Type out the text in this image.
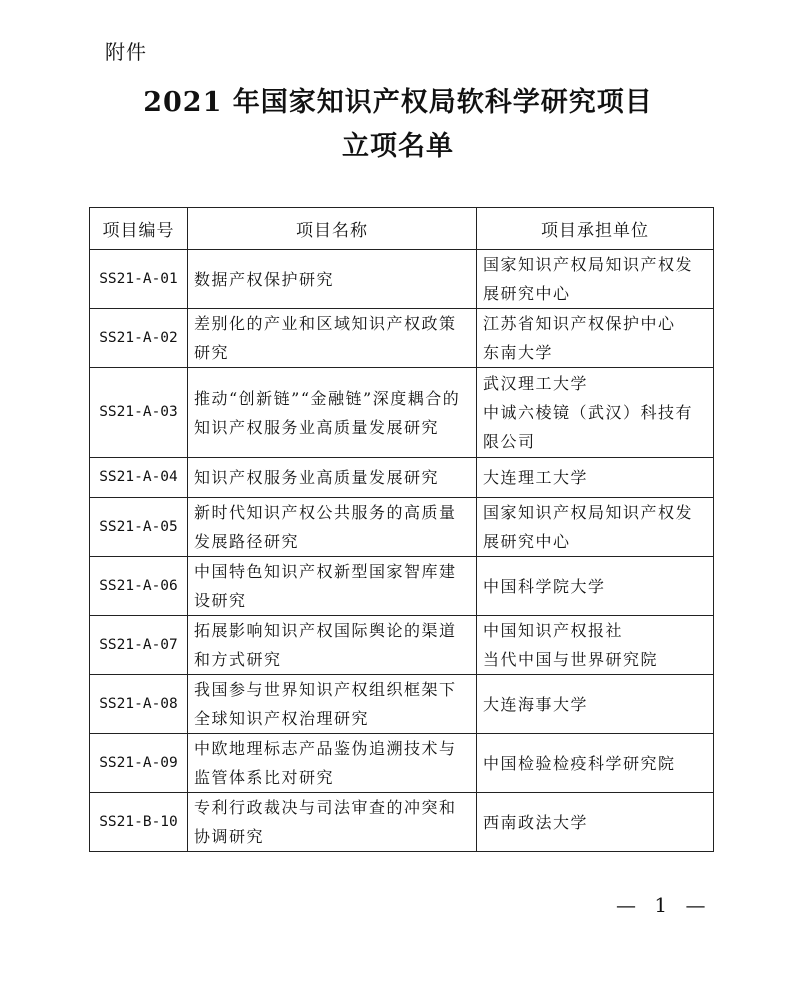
附件
2021 年国家知识产权局软科学研究项目
立项名单
项目编号	项目名称	项目承担单位
SS21-A-01	数据产权保护研究	国家知识产权局知识产权发展研究中心

SS21-A-02	差别化的产业和区域知识产权政策研究	江苏省知识产权保护中心
东南大学

SS21-A-03	推动“创新链”“金融链”深度耦合的知识产权服务业高质量发展研究	武汉理工大学
中诚六棱镜（武汉）科技有限公司

SS21-A-04	知识产权服务业高质量发展研究	大连理工大学

SS21-A-05	新时代知识产权公共服务的高质量发展路径研究	国家知识产权局知识产权发展研究中心

SS21-A-06	中国特色知识产权新型国家智库建设研究	中国科学院大学

SS21-A-07	拓展影响知识产权国际舆论的渠道和方式研究	中国知识产权报社
当代中国与世界研究院

SS21-A-08	我国参与世界知识产权组织框架下全球知识产权治理研究	大连海事大学

SS21-A-09	中欧地理标志产品鉴伪追溯技术与监管体系比对研究	中国检验检疫科学研究院

SS21-B-10	专利行政裁决与司法审查的冲突和协调研究	西南政法大学
— 1 —
